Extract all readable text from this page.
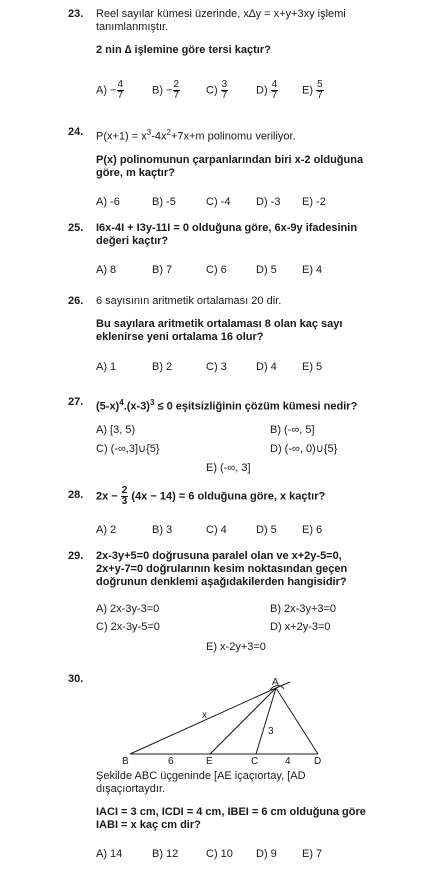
23. Reel sayılar kümesi üzerinde, x∆y = x+y+3xy işlemi
tanımlanmıştır.
2 nin ∆ işlemine göre tersi kaçtır?
$A) - \frac{4}{7}$	$B) - \frac{2}{7} C) \frac{3}{7}$	$D) \frac{4}{7} E) \frac{5}{7}$
24. $P(x+1) = x^3-4x^2+7x+m$ polinomu veriliyor.
P(x) polinomunun çarpanlarından biri x-2 olduğuna
göre, m kaçtır?
A) -6	B) -5	C) -4 D) -3 E) -2
25. I6x-4I + I3y-11I = 0 olduğuna göre, 6x-9y ifadesinin
değeri kaçtır?
A) 8	B) 7	C) 6	D) 5 E) 4
26. 6 sayısının aritmetik ortalaması 20 dir.
Bu sayılara aritmetik ortalaması 8 olan kaç sayı
eklenirse yeni ortalama 16 olur?
A) 1	B) 2	C) 3	D) 4 E) 5
27. $(5-x)^4.(x-3)^3 \le 0$ eşitsizliğinin çözüm kümesi nedir?
A) [3, 5)	B) (-∞, 5]
C) (-∞,3]∪{5}	D) (-∞, 0)∪{5}
E) (-∞, 3]
28. $2x - \frac{2}{3} (4x - 14) = 6$ olduğuna göre, x kaçtır?
A) 2	B) 3	C) 4	D) 5 E) 6
29. 2x-3y+5=0 doğrusuna paralel olan ve x+2y-5=0,
2x+y-7=0 doğrularının kesim noktasından geçen
doğrunun denklemi aşağıdakilerden hangisidir?
A) 2x-3y-3=0	B) 2x-3y+3=0
C) 2x-3y-5=0	D) x+2y-3=0
E) x-2y+3=0
30.	A
B	E	C	D
x
6
3
4
Şekilde ABC üçgeninde [AE içaçıortay, [AD
dışaçıortaydır.
IACI = 3 cm, ICDI = 4 cm, IBEI = 6 cm olduğuna göre
IABI = x kaç cm dir?
A) 14	B) 12	C) 10 D) 9 E) 7
